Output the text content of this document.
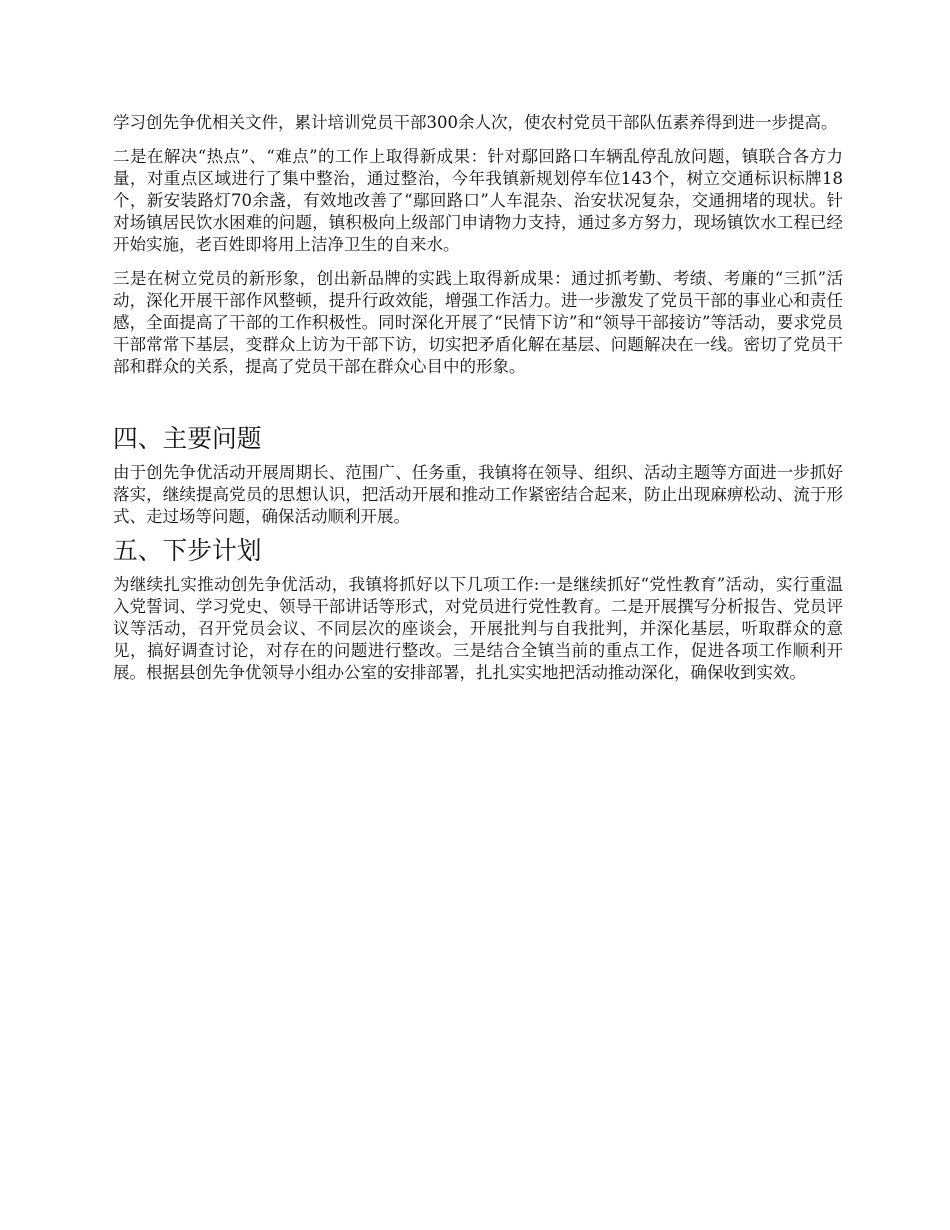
学习创先争优相关文件，累计培训党员干部300余人次，使农村党员干部队伍素养得到进一步提高。

二是在解决“热点”、“难点”的工作上取得新成果：针对鄢回路口车辆乱停乱放问题，镇联合各方力量，对重点区域进行了集中整治，通过整治，今年我镇新规划停车位143个，树立交通标识标牌18个，新安装路灯70余盏，有效地改善了“鄢回路口”人车混杂、治安状况复杂，交通拥堵的现状。针对场镇居民饮水困难的问题，镇积极向上级部门申请物力支持，通过多方努力，现场镇饮水工程已经开始实施，老百姓即将用上洁净卫生的自来水。

三是在树立党员的新形象，创出新品牌的实践上取得新成果：通过抓考勤、考绩、考廉的“三抓”活动，深化开展干部作风整顿，提升行政效能，增强工作活力。进一步激发了党员干部的事业心和责任感，全面提高了干部的工作积极性。同时深化开展了“民情下访”和“领导干部接访”等活动，要求党员干部常常下基层，变群众上访为干部下访，切实把矛盾化解在基层、问题解决在一线。密切了党员干部和群众的关系，提高了党员干部在群众心目中的形象。

四、主要问题

由于创先争优活动开展周期长、范围广、任务重，我镇将在领导、组织、活动主题等方面进一步抓好落实，继续提高党员的思想认识，把活动开展和推动工作紧密结合起来，防止出现麻痹松动、流于形式、走过场等问题，确保活动顺利开展。

五、下步计划

为继续扎实推动创先争优活动，我镇将抓好以下几项工作:一是继续抓好“党性教育”活动，实行重温入党誓词、学习党史、领导干部讲话等形式，对党员进行党性教育。二是开展撰写分析报告、党员评议等活动，召开党员会议、不同层次的座谈会，开展批判与自我批判，并深化基层，听取群众的意见，搞好调查讨论，对存在的问题进行整改。三是结合全镇当前的重点工作，促进各项工作顺利开展。根据县创先争优领导小组办公室的安排部署，扎扎实实地把活动推动深化，确保收到实效。
